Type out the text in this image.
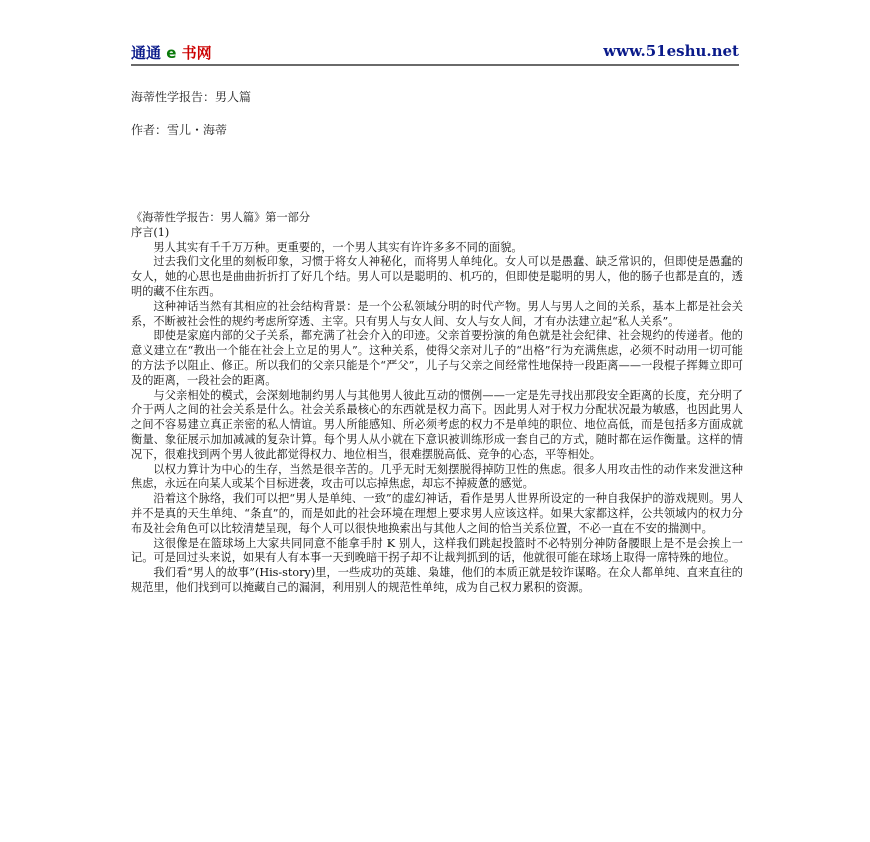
通通 e 书网	www.51eshu.net
海蒂性学报告：男人篇
作者：雪儿・海蒂

《海蒂性学报告：男人篇》第一部分

序言(1)

男人其实有千千万万种。更重要的，一个男人其实有许许多多不同的面貌。

过去我们文化里的刻板印象，习惯于将女人神秘化，而将男人单纯化。女人可以是愚蠢、缺乏常识的，但即使是愚蠢的女人，她的心思也是曲曲折折打了好几个结。男人可以是聪明的、机巧的，但即使是聪明的男人，他的肠子也都是直的，透明的藏不住东西。

这种神话当然有其相应的社会结构背景：是一个公私领域分明的时代产物。男人与男人之间的关系，基本上都是社会关系，不断被社会性的规约考虑所穿透、主宰。只有男人与女人间、女人与女人间，才有办法建立起“私人关系”。

即使是家庭内部的父子关系，都充满了社会介入的印迹。父亲首要扮演的角色就是社会纪律、社会规约的传递者。他的意义建立在“教出一个能在社会上立足的男人”。这种关系，使得父亲对儿子的“出格”行为充满焦虑，必须不时动用一切可能的方法予以阻止、修正。所以我们的父亲只能是个“严父”，儿子与父亲之间经常性地保持一段距离——一段棍子挥舞立即可及的距离，一段社会的距离。

与父亲相处的模式，会深刻地制约男人与其他男人彼此互动的惯例——一定是先寻找出那段安全距离的长度，充分明了介于两人之间的社会关系是什么。社会关系最核心的东西就是权力高下。因此男人对于权力分配状况最为敏感，也因此男人之间不容易建立真正亲密的私人情谊。男人所能感知、所必须考虑的权力不是单纯的职位、地位高低，而是包括多方面成就衡量、象征展示加加减减的复杂计算。每个男人从小就在下意识被训练形成一套自己的方式，随时都在运作衡量。这样的情况下，很难找到两个男人彼此都觉得权力、地位相当，很难摆脱高低、竞争的心态，平等相处。

以权力算计为中心的生存，当然是很辛苦的。几乎无时无刻摆脱得掉防卫性的焦虑。很多人用攻击性的动作来发泄这种焦虑，永远在向某人或某个目标进袭，攻击可以忘掉焦虑，却忘不掉疲惫的感觉。

沿着这个脉络，我们可以把“男人是单纯、一致”的虚幻神话，看作是男人世界所设定的一种自我保护的游戏规则。男人并不是真的天生单纯、“条直”的，而是如此的社会环境在理想上要求男人应该这样。如果大家都这样，公共领域内的权力分布及社会角色可以比较清楚呈现，每个人可以很快地换索出与其他人之间的恰当关系位置，不必一直在不安的揣测中。

这很像是在篮球场上大家共同同意不能拿手肘 K 别人，这样我们跳起投篮时不必特别分神防备腰眼上是不是会挨上一记。可是回过头来说，如果有人有本事一天到晚暗干拐子却不让裁判抓到的话，他就很可能在球场上取得一席特殊的地位。

我们看“男人的故事”(His-story)里，一些成功的英雄、枭雄，他们的本质正就是较诈谋略。在众人都单纯、直来直往的规范里，他们找到可以掩藏自己的漏洞，利用别人的规范性单纯，成为自己权力累积的资源。
